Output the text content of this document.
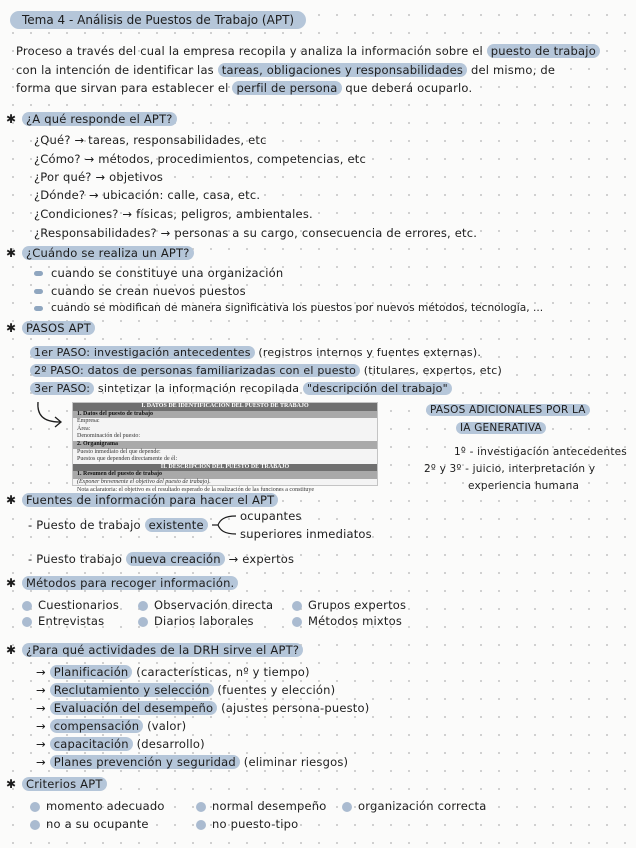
Tema 4 - Análisis de Puestos de Trabajo (APT)
Proceso a través del cual la empresa recopila y analiza la información sobre el puesto de trabajo
con la intención de identificar las tareas, obligaciones y responsabilidades del mismo, de
forma que sirvan para establecer el perfil de persona que deberá ocuparlo.
✱ ¿A qué responde el APT?
¿Qué? → tareas, responsabilidades, etc
¿Cómo? → métodos, procedimientos, competencias, etc
¿Por qué? → objetivos
¿Dónde? → ubicación: calle, casa, etc.
¿Condiciones? → físicas, peligros, ambientales.
¿Responsabilidades? → personas a su cargo, consecuencia de errores, etc.
✱ ¿Cuándo se realiza un APT?
cuando se constituye una organización
cuando se crean nuevos puestos
cuando se modifican de manera significativa los puestos por nuevos métodos, tecnología, ...
✱ PASOS APT
1er PASO: investigación antecedentes (registros internos y fuentes externas).
2º PASO: datos de personas familiarizadas con el puesto (titulares, expertos, etc)
3er PASO: sintetizar la información recopilada "descripción del trabajo"
I. DATOS DE IDENTIFICACIÓN DEL PUESTO DE TRABAJO
1. Datos del puesto de trabajo
Empresa:
Área:
Denominación del puesto:
2. Organigrama
Puesto inmediato del que depende:
Puestos que dependen directamente de él:
II. DESCRIPCIÓN DEL PUESTO DE TRABAJO
1. Resumen del puesto de trabajo
(Exponer brevemente el objetivo del puesto de trabajo).
Nota aclaratoria: el objetivo es el resultado esperado de la realización de las funciones a constituye
PASOS ADICIONALES POR LA
IA GENERATIVA
1º - investigación antecedentes
2º y 3º - juicio, interpretación y
experiencia humana
✱ Fuentes de información para hacer el APT
- Puesto de trabajo existente
ocupantes
superiores inmediatos
- Puesto trabajo nueva creación → expertos
✱ Métodos para recoger información.
Cuestionarios	Observación directa	Grupos expertos
Entrevistas	Diarios laborales	Métodos mixtos
✱ ¿Para qué actividades de la DRH sirve el APT?
→ Planificación (características, nº y tiempo)
→ Reclutamiento y selección (fuentes y elección)
→ Evaluación del desempeño (ajustes persona-puesto)
→ compensación (valor)
→ capacitación (desarrollo)
→ Planes prevención y seguridad (eliminar riesgos)
✱ Criterios APT
momento adecuado	normal desempeño	organización correcta
no a su ocupante	no puesto-tipo
